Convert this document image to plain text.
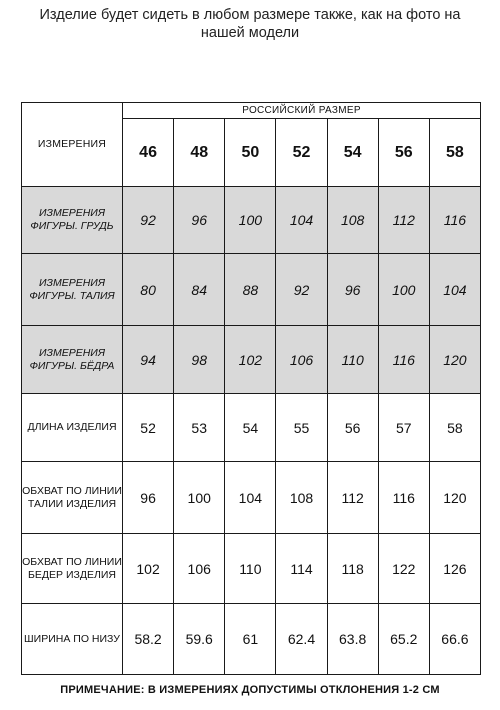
Изделие будет сидеть в любом размере также, как на фото на
нашей модели
ИЗМЕРЕНИЯ	РОССИЙСКИЙ РАЗМЕР						
	46	48	50	52	54	56	58
ИЗМЕРЕНИЯ ФИГУРЫ. ГРУДЬ	92	96	100	104	108	112	116
ИЗМЕРЕНИЯ ФИГУРЫ. ТАЛИЯ	80	84	88	92	96	100	104
ИЗМЕРЕНИЯ ФИГУРЫ. БЁДРА	94	98	102	106	110	116	120
ДЛИНА ИЗДЕЛИЯ	52	53	54	55	56	57	58
ОБХВАТ ПО ЛИНИИ ТАЛИИ ИЗДЕЛИЯ	96	100	104	108	112	116	120
ОБХВАТ ПО ЛИНИИ БЕДЕР ИЗДЕЛИЯ	102	106	110	114	118	122	126
ШИРИНА ПО НИЗУ	58.2	59.6	61	62.4	63.8	65.2	66.6
ПРИМЕЧАНИЕ: В ИЗМЕРЕНИЯХ ДОПУСТИМЫ ОТКЛОНЕНИЯ 1-2 СМ
